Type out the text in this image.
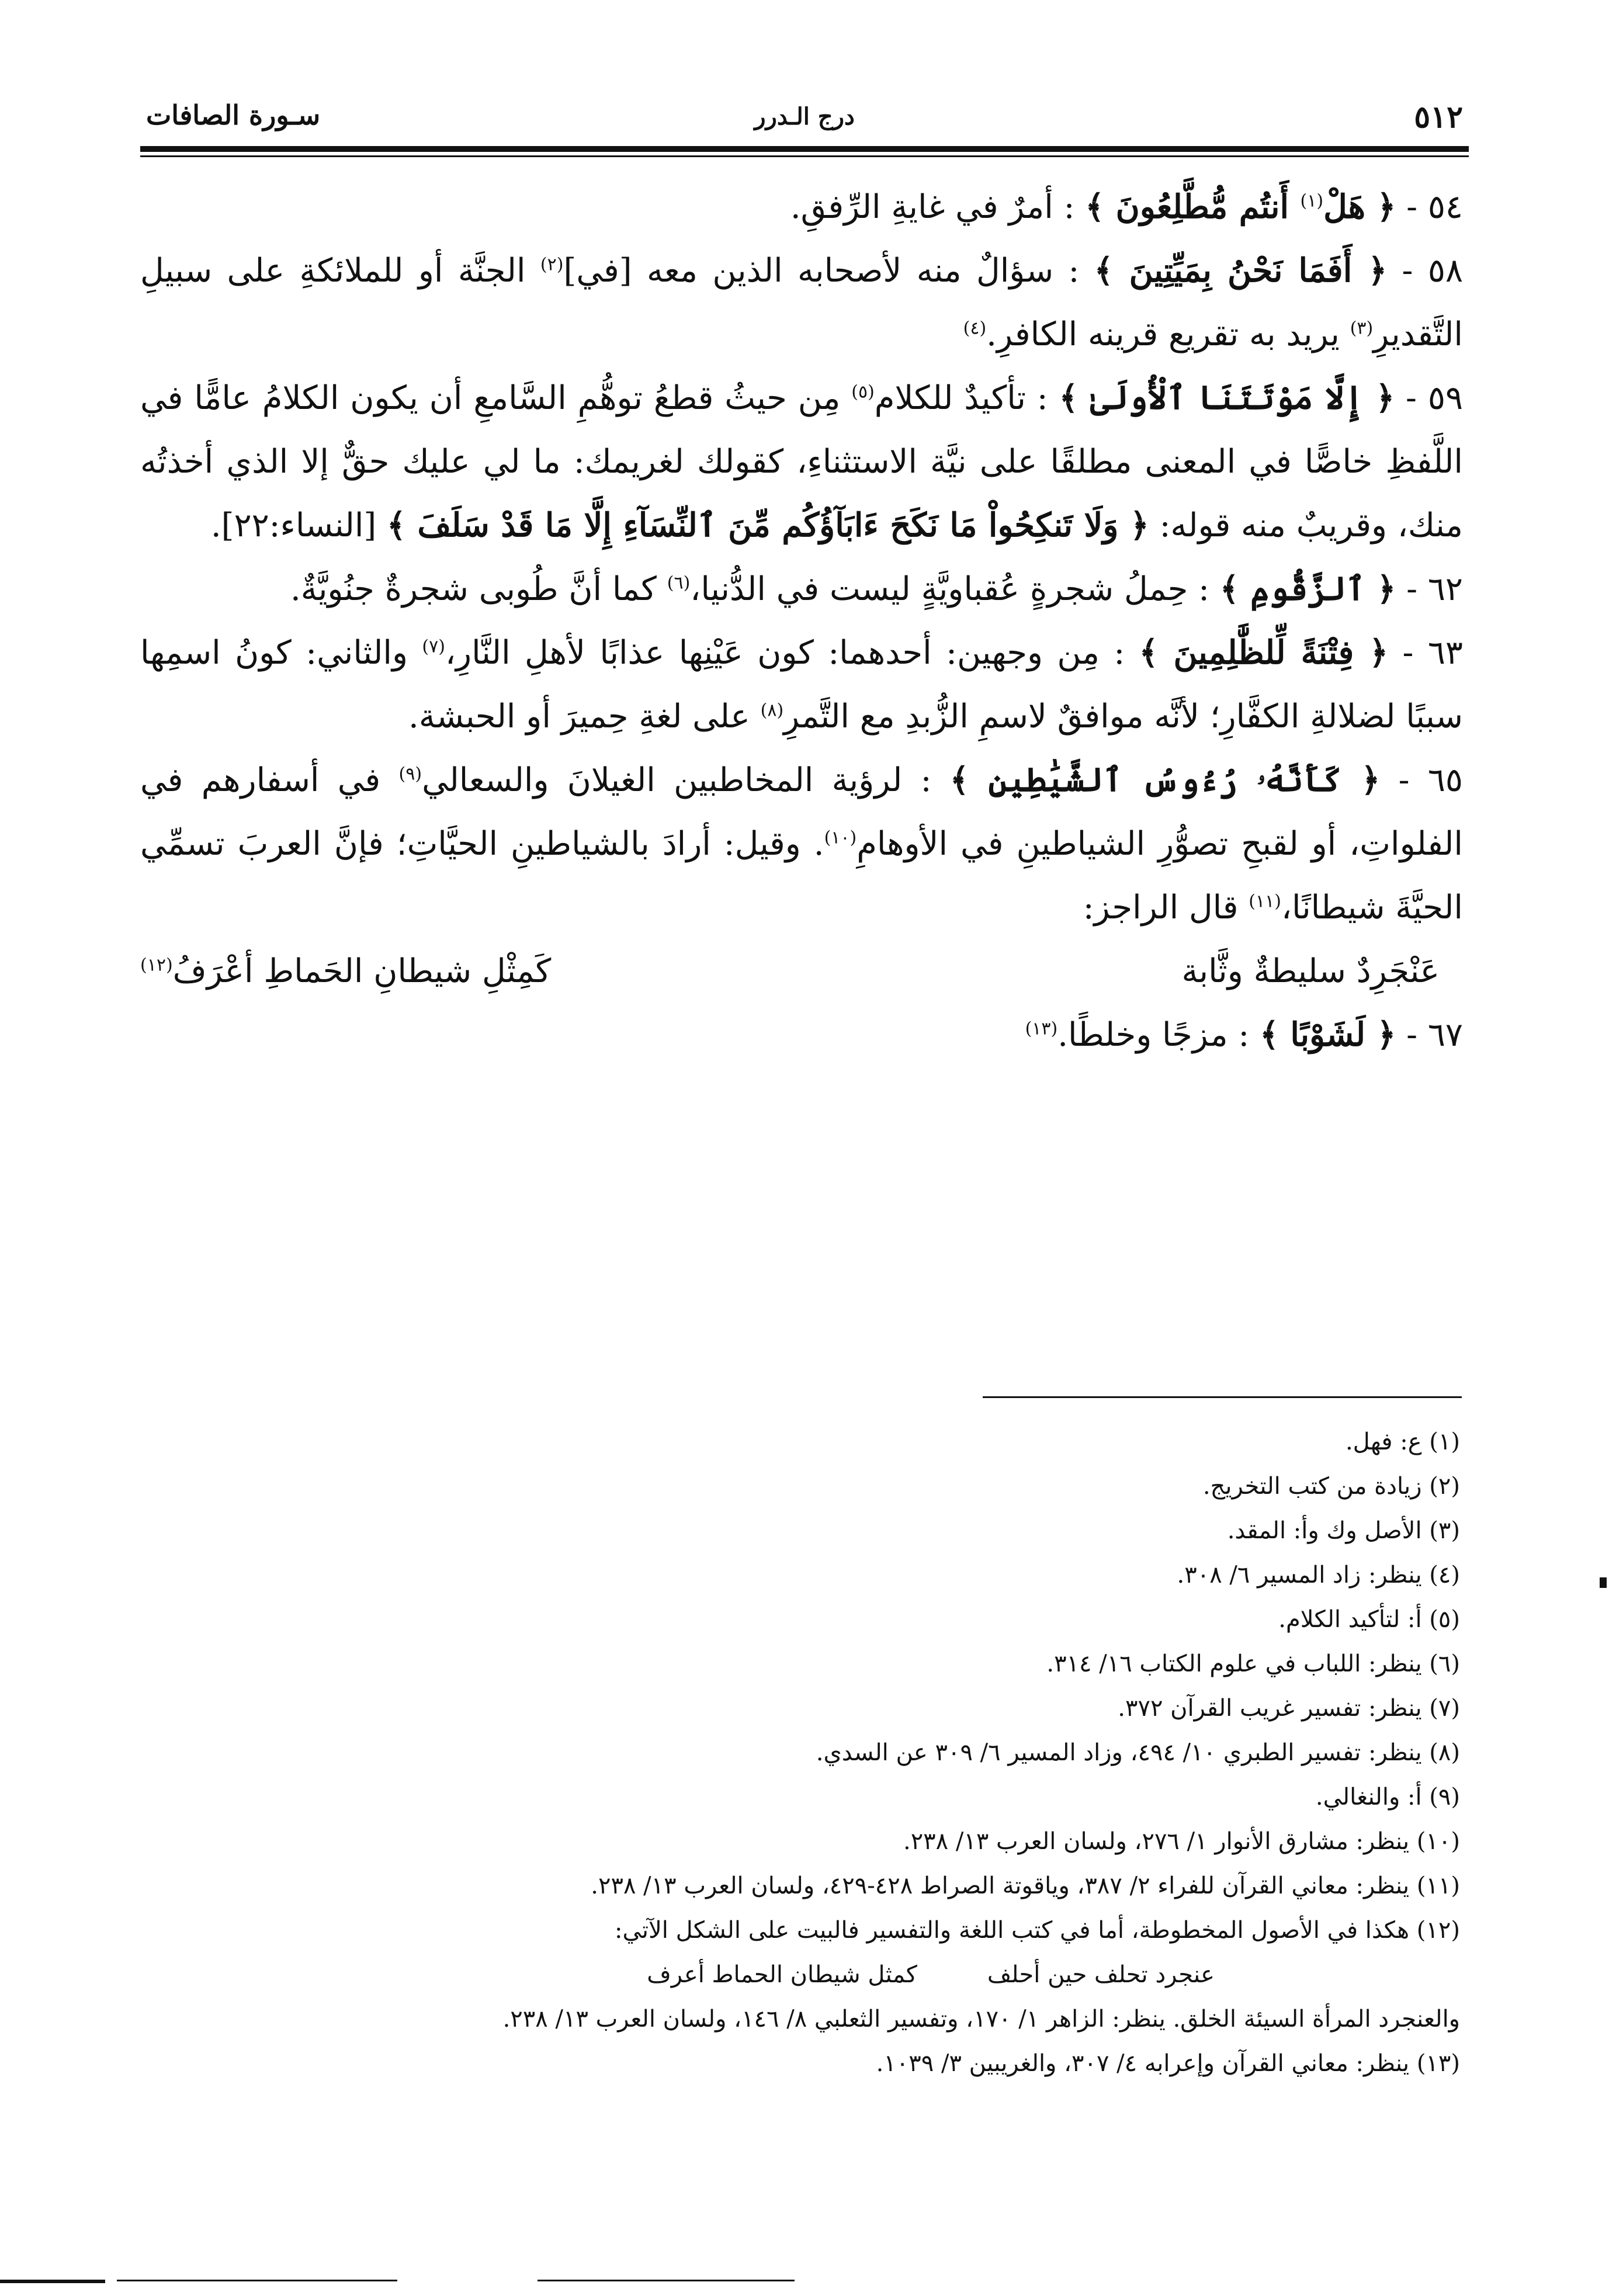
٥١٢
درج الـدرر
سـورة الصافات

٥٤ - ﴿ هَلْ$^{(١)}$ أَنتُم مُّطَّلِعُونَ ﴾ : أمرٌ في غايةِ الرِّفقِ.

٥٨ - ﴿ أَفَمَا نَحْنُ بِمَيِّتِينَ ﴾ : سؤالٌ منه لأصحابه الذين معه [في]$^{(٢)}$ الجنَّة أو للملائكةِ على سبيلِ التَّقديرِ$^{(٣)}$ يريد به تقريع قرينه الكافرِ.$^{(٤)}$

٥٩ - ﴿ إِلَّا مَوْتَتَنَا ٱلْأُولَىٰ ﴾ : تأكيدٌ للكلام$^{(٥)}$ مِن حيثُ قطعُ توهُّمِ السَّامعِ أن يكون الكلامُ عامًّا في اللَّفظِ خاصًّا في المعنى مطلقًا على نيَّة الاستثناءِ، كقولك لغريمك: ما لي عليك حقٌّ إلا الذي أخذتُه منك، وقريبٌ منه قوله: ﴿ وَلَا تَنكِحُواْ مَا نَكَحَ ءَابَآؤُكُم مِّنَ ٱلنِّسَآءِ إِلَّا مَا قَدْ سَلَفَ ﴾ [النساء:٢٢].

٦٢ - ﴿ ٱلزَّقُّومِ ﴾ : حِملُ شجرةٍ عُقباويَّةٍ ليست في الدُّنيا،$^{(٦)}$ كما أنَّ طُوبى شجرةٌ جنُويَّةٌ.

٦٣ - ﴿ فِتْنَةً لِّلظَّٰلِمِينَ ﴾ : مِن وجهين: أحدهما: كون عَيْنِها عذابًا لأهلِ النَّارِ،$^{(٧)}$ والثاني: كونُ اسمِها سببًا لضلالةِ الكفَّارِ؛ لأنَّه موافقٌ لاسمِ الزُّبدِ مع التَّمرِ$^{(٨)}$ على لغةِ حِميرَ أو الحبشة.

٦٥ - ﴿ كَأَنَّهُۥ رُءُوسُ ٱلشَّيَٰطِينِ ﴾ : لرؤية المخاطبين الغيلانَ والسعالي$^{(٩)}$ في أسفارهم في الفلواتِ، أو لقبحِ تصوُّرِ الشياطينِ في الأوهامِ$^{(١٠)}$. وقيل: أرادَ بالشياطينِ الحيَّاتِ؛ فإنَّ العربَ تسمِّي الحيَّةَ شيطانًا،$^{(١١)}$ قال الراجز:

عَنْجَرِدٌ سليطةٌ وثَّابة
كَمِثْلِ شيطانِ الحَماطِ أعْرَفُ$^{(١٢)}$

٦٧ - ﴿ لَشَوْبًا ﴾ : مزجًا وخلطًا.$^{(١٣)}$

(١) ع: فهل.

(٢) زيادة من كتب التخريج.

(٣) الأصل وك وأ: المقد.

(٤) ينظر: زاد المسير ٦/ ٣٠٨.

(٥) أ: لتأكيد الكلام.

(٦) ينظر: اللباب في علوم الكتاب ١٦/ ٣١٤.

(٧) ينظر: تفسير غريب القرآن ٣٧٢.

(٨) ينظر: تفسير الطبري ١٠/ ٤٩٤، وزاد المسير ٦/ ٣٠٩ عن السدي.

(٩) أ: والنغالي.

(١٠) ينظر: مشارق الأنوار ١/ ٢٧٦، ولسان العرب ١٣/ ٢٣٨.

(١١) ينظر: معاني القرآن للفراء ٢/ ٣٨٧، وياقوتة الصراط ٤٢٨-٤٢٩، ولسان العرب ١٣/ ٢٣٨.

(١٢) هكذا في الأصول المخطوطة، أما في كتب اللغة والتفسير فالبيت على الشكل الآتي:

عنجرد تحلف حين أحلف
كمثل شيطان الحماط أعرف

والعنجرد المرأة السيئة الخلق. ينظر: الزاهر ١/ ١٧٠، وتفسير الثعلبي ٨/ ١٤٦، ولسان العرب ١٣/ ٢٣٨.

(١٣) ينظر: معاني القرآن وإعرابه ٤/ ٣٠٧، والغريبين ٣/ ١٠٣٩.
